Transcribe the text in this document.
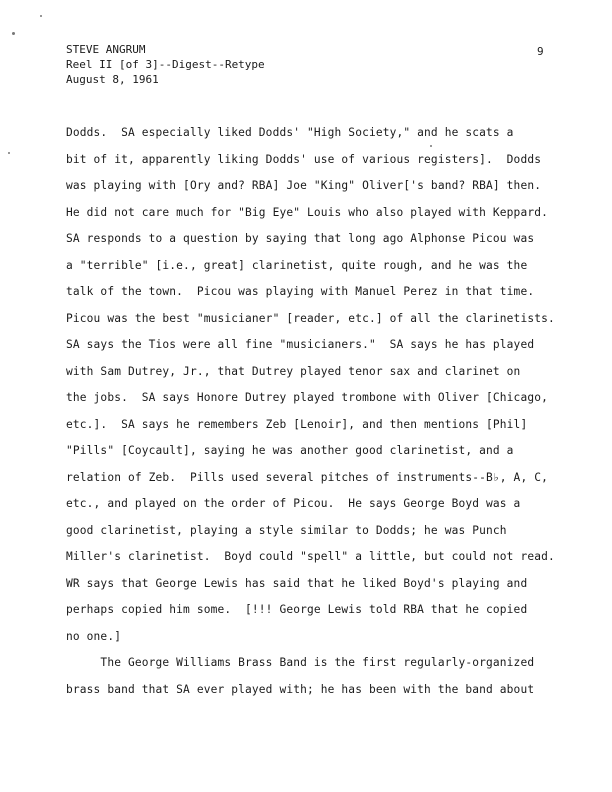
STEVE ANGRUM
Reel II [of 3]--Digest--Retype
August 8, 1961
9
Dodds.  SA especially liked Dodds' "High Society," and he scats a
bit of it, apparently liking Dodds' use of various registers].  Dodds
was playing with [Ory and? RBA] Joe "King" Oliver['s band? RBA] then.
He did not care much for "Big Eye" Louis who also played with Keppard.
SA responds to a question by saying that long ago Alphonse Picou was
a "terrible" [i.e., great] clarinetist, quite rough, and he was the
talk of the town.  Picou was playing with Manuel Perez in that time.
Picou was the best "musicianer" [reader, etc.] of all the clarinetists.
SA says the Tios were all fine "musicianers."  SA says he has played
with Sam Dutrey, Jr., that Dutrey played tenor sax and clarinet on
the jobs.  SA says Honore Dutrey played trombone with Oliver [Chicago,
etc.].  SA says he remembers Zeb [Lenoir], and then mentions [Phil]
"Pills" [Coycault], saying he was another good clarinetist, and a
relation of Zeb.  Pills used several pitches of instruments--B♭, A, C,
etc., and played on the order of Picou.  He says George Boyd was a
good clarinetist, playing a style similar to Dodds; he was Punch
Miller's clarinetist.  Boyd could "spell" a little, but could not read.
WR says that George Lewis has said that he liked Boyd's playing and
perhaps copied him some.  [!!! George Lewis told RBA that he copied
no one.]
The George Williams Brass Band is the first regularly-organized
brass band that SA ever played with; he has been with the band about
